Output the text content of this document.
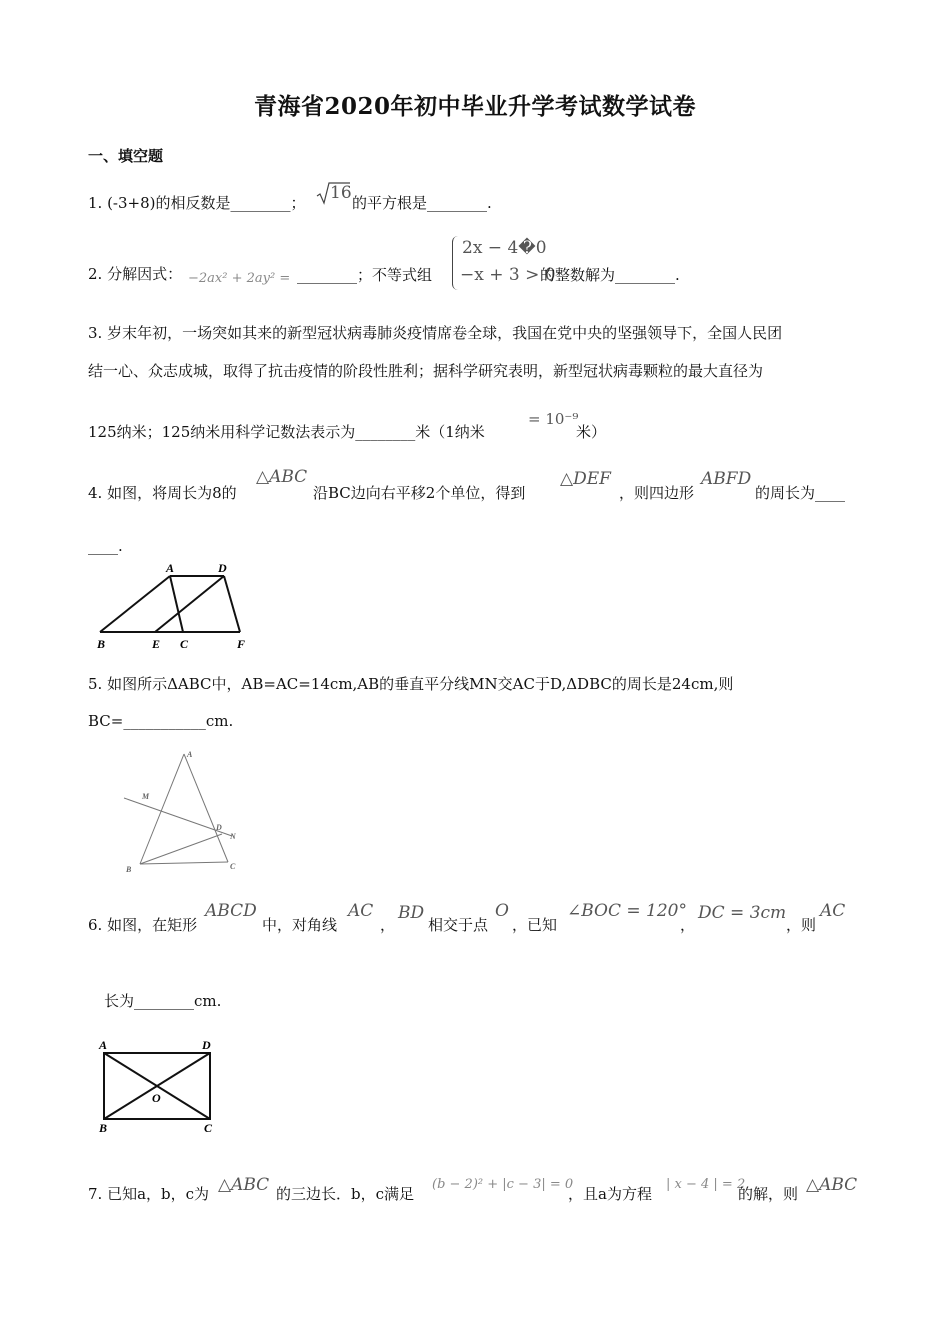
青海省2020年初中毕业升学考试数学试卷
一、填空题
1. (-3+8)的相反数是________； 16 的平方根是________.
2. 分解因式： −2ax² + 2ay² = ________；不等式组
2x − 4�0
−x + 3 > 0
的整数解为________.
3. 岁末年初，一场突如其来的新型冠状病毒肺炎疫情席卷全球，我国在党中央的坚强领导下，全国人民团
结一心、众志成城，取得了抗击疫情的阶段性胜利；据科学研究表明，新型冠状病毒颗粒的最大直径为
125纳米；125纳米用科学记数法表示为________米（1纳米
= 10⁻⁹
米）
4. 如图，将周长为8的
△ABC
沿BC边向右平移2个单位，得到
△DEF
，则四边形
ABFD
的周长为____
____.
A	D
B	E C	F
5. 如图所示ΔABC中，AB=AC=14cm,AB的垂直平分线MN交AC于D,ΔDBC的周长是24cm,则
BC=___________cm.
A
M
D
N
B	C
6. 如图，在矩形
ABCD
中，对角线
AC
，
BD
相交于点
O
，已知
∠BOC = 120°
，
DC = 3cm
，则
AC
长为________cm.
A	D
O
B	C
7. 已知a，b，c为 △ABC 的三边长．b，c满足
(b − 2)² + |c − 3| = 0
，且a为方程
| x − 4 | = 2
的解，则 △ABC
